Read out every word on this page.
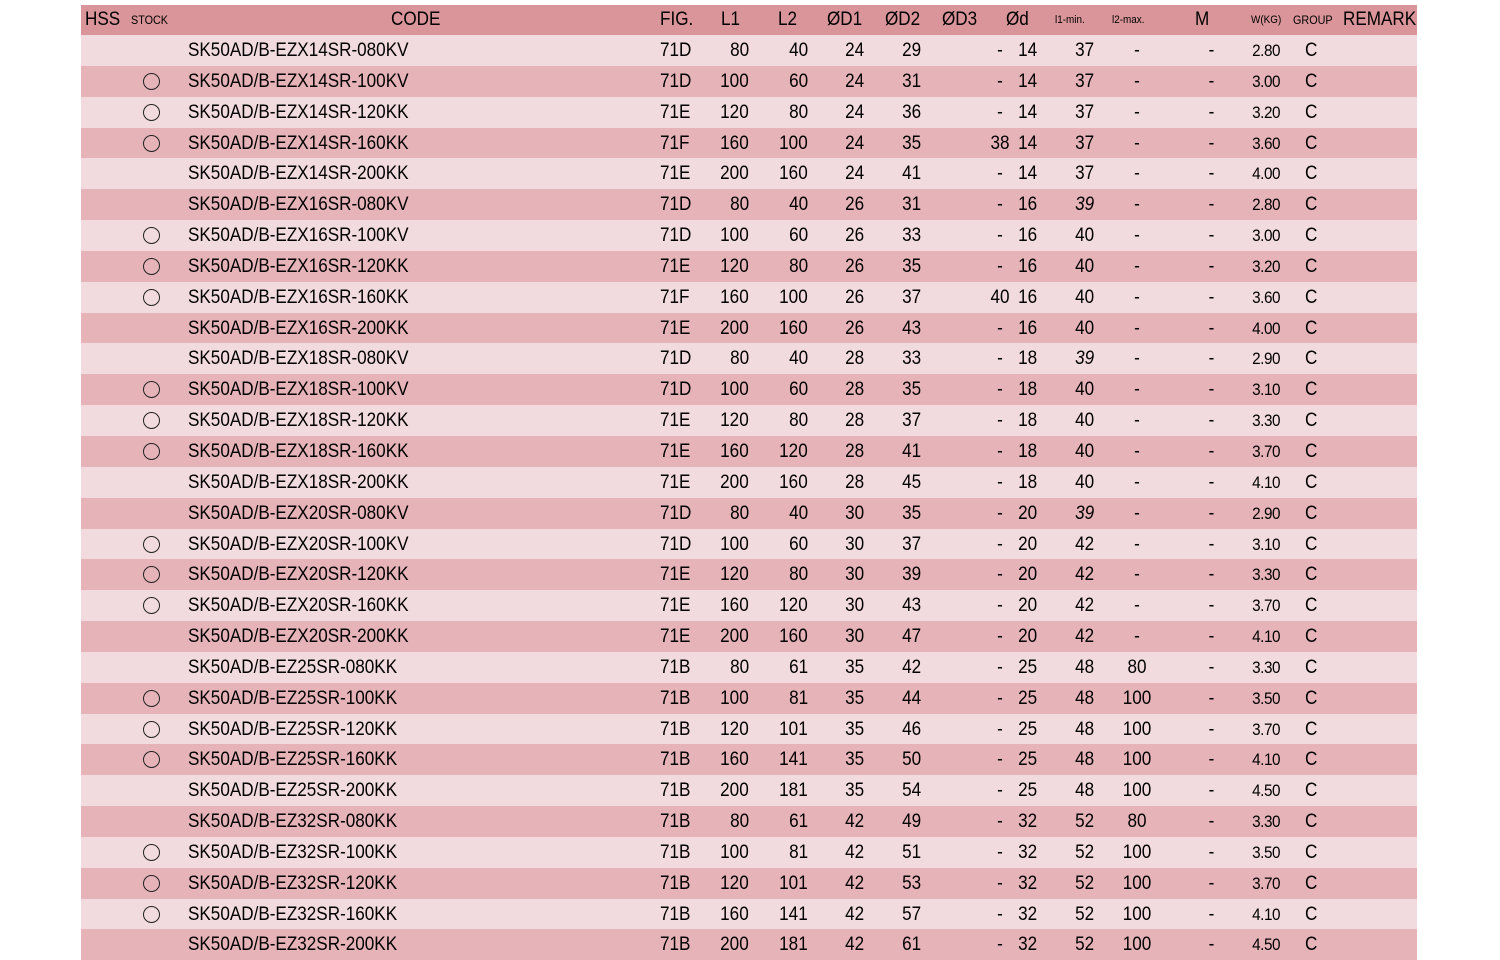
HSS STOCK	CODE	FIG. L1 L2 ØD1 ØD2 ØD3 Ød l1-min. l2-max.	M	W(KG) GROUP REMARK
SK50AD/B-EZX14SR-080KV	71D 80 40 24 29	- 14 37	-	- 2.80 C
SK50AD/B-EZX14SR-100KV	71D 100 60 24 31	- 14 37	-	- 3.00 C
SK50AD/B-EZX14SR-120KK	71E 120 80 24 36	- 14 37	-	- 3.20 C
SK50AD/B-EZX14SR-160KK	71F 160 100 24 35	38 14 37	-	- 3.60 C
SK50AD/B-EZX14SR-200KK	71E 200 160 24 41	- 14 37	-	- 4.00 C
SK50AD/B-EZX16SR-080KV	71D 80 40 26 31	- 16 39	-	- 2.80 C
SK50AD/B-EZX16SR-100KV	71D 100 60 26 33	- 16 40	-	- 3.00 C
SK50AD/B-EZX16SR-120KK	71E 120 80 26 35	- 16 40	-	- 3.20 C
SK50AD/B-EZX16SR-160KK	71F 160 100 26 37	40 16 40	-	- 3.60 C
SK50AD/B-EZX16SR-200KK	71E 200 160 26 43	- 16 40	-	- 4.00 C
SK50AD/B-EZX18SR-080KV	71D 80 40 28 33	- 18 39	-	- 2.90 C
SK50AD/B-EZX18SR-100KV	71D 100 60 28 35	- 18 40	-	- 3.10 C
SK50AD/B-EZX18SR-120KK	71E 120 80 28 37	- 18 40	-	- 3.30 C
SK50AD/B-EZX18SR-160KK	71E 160 120 28 41	- 18 40	-	- 3.70 C
SK50AD/B-EZX18SR-200KK	71E 200 160 28 45	- 18 40	-	- 4.10 C
SK50AD/B-EZX20SR-080KV	71D 80 40 30 35	- 20 39	-	- 2.90 C
SK50AD/B-EZX20SR-100KV	71D 100 60 30 37	- 20 42	-	- 3.10 C
SK50AD/B-EZX20SR-120KK	71E 120 80 30 39	- 20 42	-	- 3.30 C
SK50AD/B-EZX20SR-160KK	71E 160 120 30 43	- 20 42	-	- 3.70 C
SK50AD/B-EZX20SR-200KK	71E 200 160 30 47	- 20 42	-	- 4.10 C
SK50AD/B-EZ25SR-080KK	71B 80 61 35 42	- 25 48	80	- 3.30 C
SK50AD/B-EZ25SR-100KK	71B 100 81 35 44	- 25 48	100	- 3.50 C
SK50AD/B-EZ25SR-120KK	71B 120 101 35 46	- 25 48	100	- 3.70 C
SK50AD/B-EZ25SR-160KK	71B 160 141 35 50	- 25 48	100	- 4.10 C
SK50AD/B-EZ25SR-200KK	71B 200 181 35 54	- 25 48	100	- 4.50 C
SK50AD/B-EZ32SR-080KK	71B 80 61 42 49	- 32 52	80	- 3.30 C
SK50AD/B-EZ32SR-100KK	71B 100 81 42 51	- 32 52	100	- 3.50 C
SK50AD/B-EZ32SR-120KK	71B 120 101 42 53	- 32 52	100	- 3.70 C
SK50AD/B-EZ32SR-160KK	71B 160 141 42 57	- 32 52	100	- 4.10 C
SK50AD/B-EZ32SR-200KK	71B 200 181 42 61	- 32 52	100	- 4.50 C
